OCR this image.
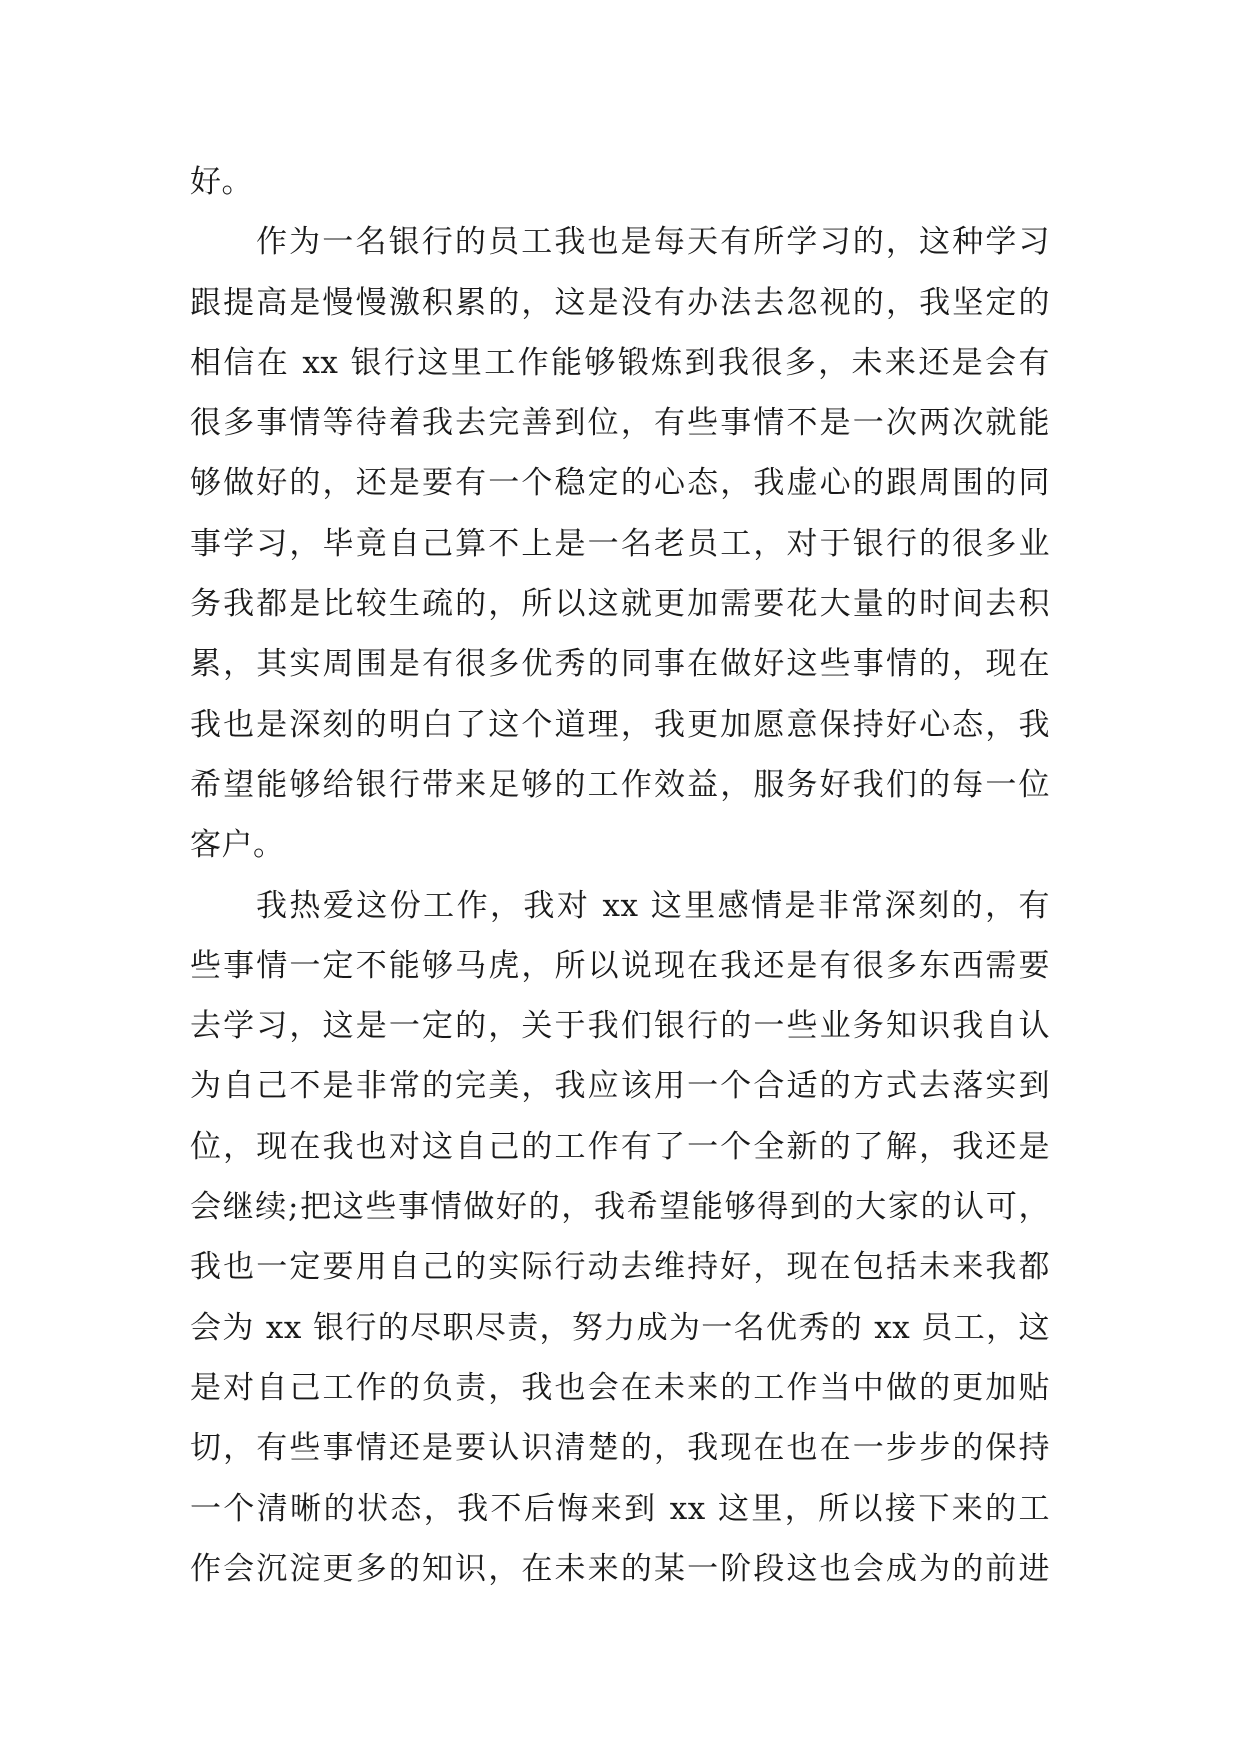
好。
作为一名银行的员工我也是每天有所学习的，这种学习
跟提高是慢慢激积累的，这是没有办法去忽视的，我坚定的
相信在 xx 银行这里工作能够锻炼到我很多，未来还是会有
很多事情等待着我去完善到位，有些事情不是一次两次就能
够做好的，还是要有一个稳定的心态，我虚心的跟周围的同
事学习，毕竟自己算不上是一名老员工，对于银行的很多业
务我都是比较生疏的，所以这就更加需要花大量的时间去积
累，其实周围是有很多优秀的同事在做好这些事情的，现在
我也是深刻的明白了这个道理，我更加愿意保持好心态，我
希望能够给银行带来足够的工作效益，服务好我们的每一位
客户。
我热爱这份工作，我对 xx 这里感情是非常深刻的，有
些事情一定不能够马虎，所以说现在我还是有很多东西需要
去学习，这是一定的，关于我们银行的一些业务知识我自认
为自己不是非常的完美，我应该用一个合适的方式去落实到
位，现在我也对这自己的工作有了一个全新的了解，我还是
会继续;把这些事情做好的，我希望能够得到的大家的认可，
我也一定要用自己的实际行动去维持好，现在包括未来我都
会为 xx 银行的尽职尽责，努力成为一名优秀的 xx 员工，这
是对自己工作的负责，我也会在未来的工作当中做的更加贴
切，有些事情还是要认识清楚的，我现在也在一步步的保持
一个清晰的状态，我不后悔来到 xx 这里，所以接下来的工
作会沉淀更多的知识，在未来的某一阶段这也会成为的前进
